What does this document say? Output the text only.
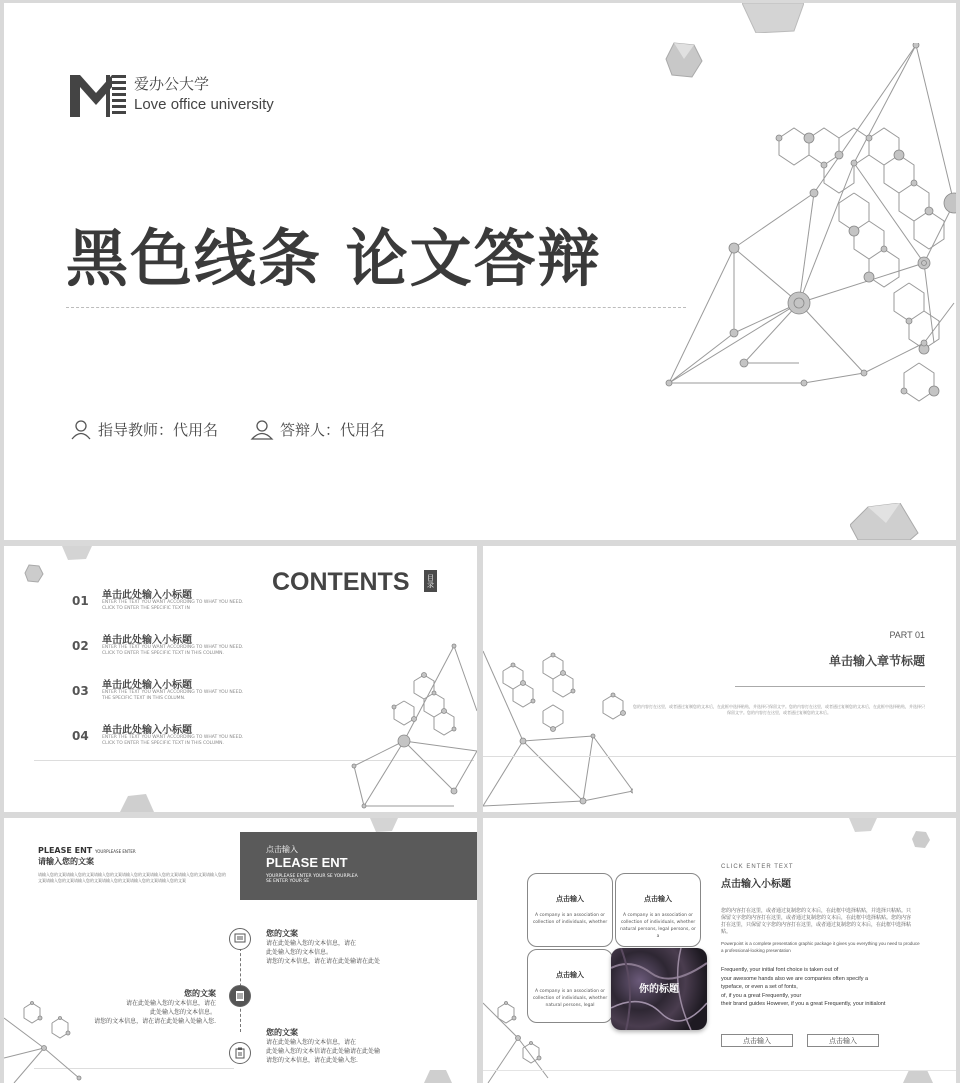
爱办公大学
Love office university
黑色线条 论文答辩
指导教师：代用名	答辩人：代用名
CONTENTS	目录
01 单击此处输入小标题
ENTER THE TEXT YOU WANT ACCORDING TO WHAT YOU NEED. CLICK TO ENTER THE SPECIFIC TEXT IN
02 单击此处输入小标题
ENTER THE TEXT YOU WANT ACCORDING TO WHAT YOU NEED. CLICK TO ENTER THE SPECIFIC TEXT IN THIS COLUMN.
03 单击此处输入小标题
ENTER THE TEXT YOU WANT ACCORDING TO WHAT YOU NEED. THE SPECIFIC TEXT IN THIS COLUMN.
04 单击此处输入小标题
ENTER THE TEXT YOU WANT ACCORDING TO WHAT YOU NEED. CLICK TO ENTER THE SPECIFIC TEXT IN THIS COLUMN.
PART 01
单击输入章节标题
您的内容打在这里，或者通过复制您的文本后，在此框中选择粘贴，并选择只保留文字。您的内容打在这里，或者通过复制您的文本后，在此框中选择粘贴，并选择只保留文字。您的内容打在这里，或者通过复制您的文本后。
PLEASE ENT YOURPLEASE ENTER
请输入您的文案
请输入您的文案请输入您的文案请输入您的文案请输入您的文案请输入您的文案请输入您的文案请输入您的文案请输入您的文案请输入您的文案请输入您的文案请输入您的文案请输入您的文案
点击输入
PLEASE ENT
YOURPLEASE ENTER YOUR SE YOURPLEA
SE ENTER YOUR SE
您的文案
请在此处输入您的文本信息，请在
此处输入您的文本信息。
请您的文本信息，请在请在此处输请在此处
您的文案
请在此处输入您的文本信息，请在
此处输入您的文本信息。
请您的文本信息，请在请在此处输入处输入您.
您的文案
请在此处输入您的文本信息，请在
此处输入您的文本信请在此处输请在此处输
请您的文本信息，请在此处输入您.
点击输入
A company is an association or collection of individuals, whether
点击输入
A company is an association or collection of individuals, whether natural persons, legal persons, or a
点击输入
A company is an association or collection of individuals, whether natural persons, legal
你的标题
CLICK ENTER TEXT
点击输入小标题
您的内容打在这里，或者通过复制您的文本后，在此框中选择粘贴，并选择只粘贴。只保留文字您的内容打在这里，或者通过复制您的文本后，在此框中选择粘贴。您的内容打在这里，只保留文字您的内容打在这里，或者通过复制您的文本后，在此框中选择粘贴。
Powerpoint is a complete presentation graphic package it gives you everything you need to produce a professional-looking presentation
Frequently, your initial font choice is taken out of
your awesome hands also we are companies often specify a
typeface, or even a set of fonts,
of, if you a great Frequently, your
their brand guides However, if you a great Frequently, your initialont
点击输入	点击输入
